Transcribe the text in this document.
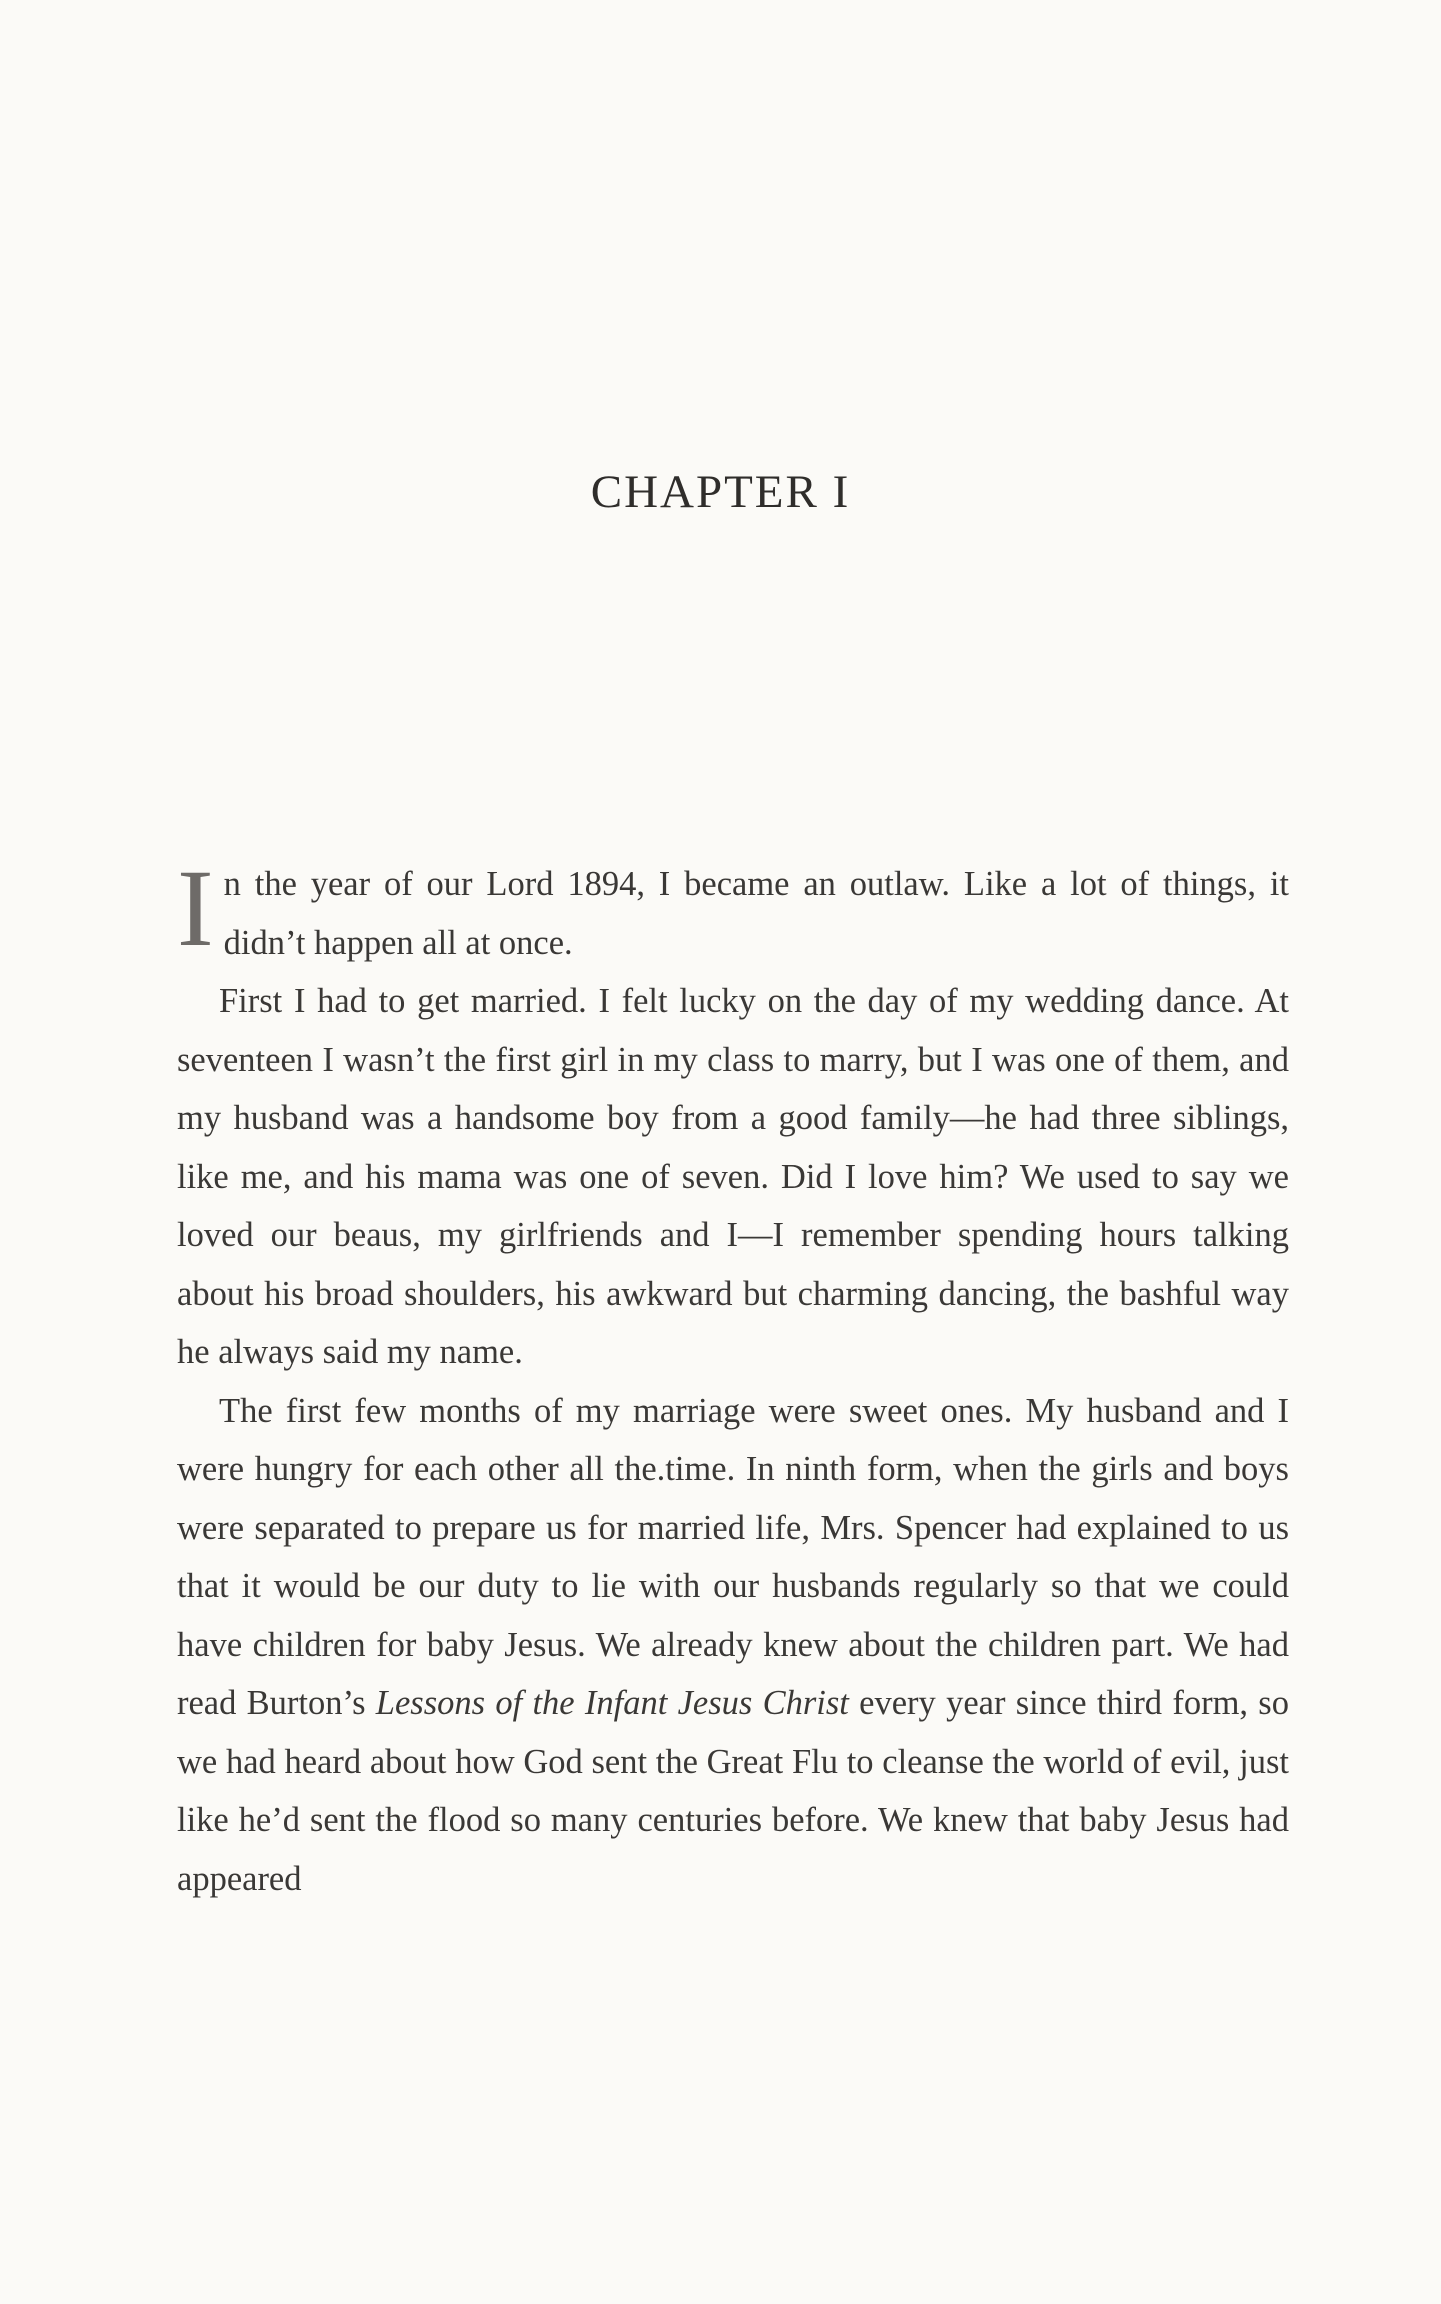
CHAPTER I

In the year of our Lord 1894, I became an outlaw. Like a lot of things, it didn’t happen all at once.

First I had to get married. I felt lucky on the day of my wedding dance. At seventeen I wasn’t the first girl in my class to marry, but I was one of them, and my husband was a handsome boy from a good family—he had three siblings, like me, and his mama was one of seven. Did I love him? We used to say we loved our beaus, my girlfriends and I—I remember spending hours talking about his broad shoulders, his awkward but charming dancing, the bashful way he always said my name.

The first few months of my marriage were sweet ones. My husband and I were hungry for each other all the.time. In ninth form, when the girls and boys were separated to prepare us for married life, Mrs. Spencer had explained to us that it would be our duty to lie with our husbands regularly so that we could have children for baby Jesus. We already knew about the children part. We had read Burton’s Lessons of the Infant Jesus Christ every year since third form, so we had heard about how God sent the Great Flu to cleanse the world of evil, just like he’d sent the flood so many centuries before. We knew that baby Jesus had appeared
